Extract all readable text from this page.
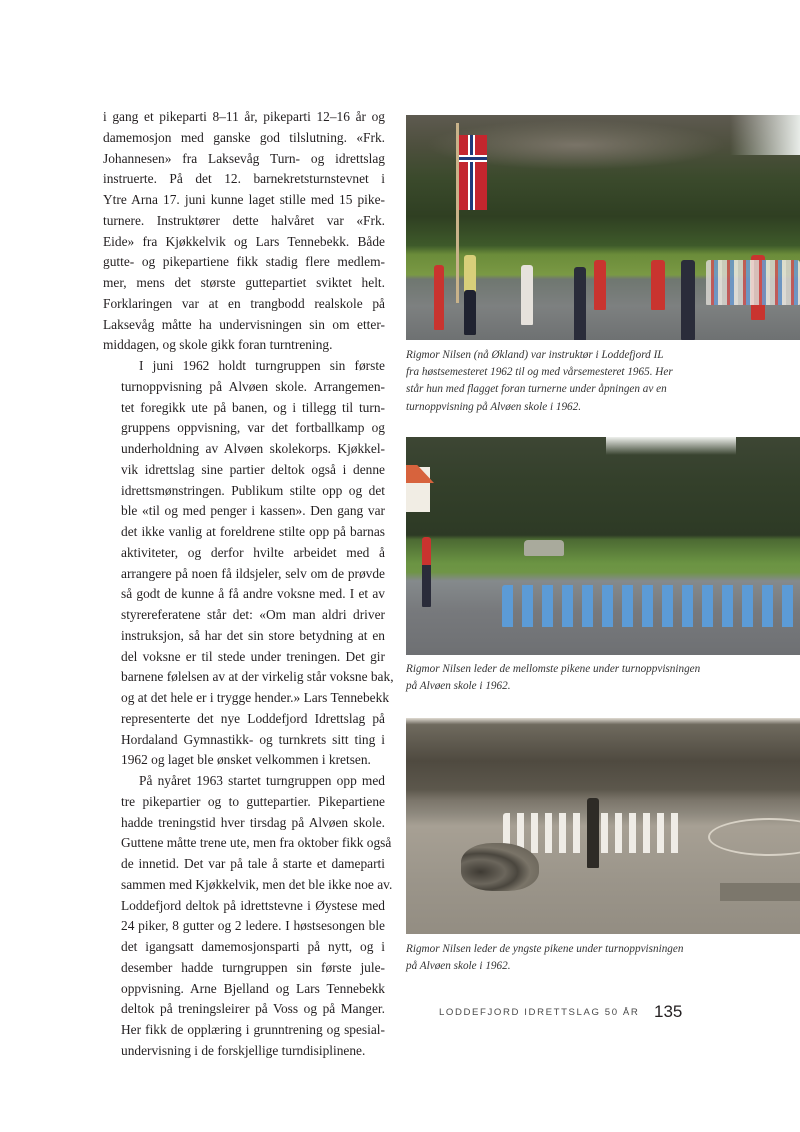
i gang et pikeparti 8–11 år, pikeparti 12–16 år og
damemosjon med ganske god tilslutning. «Frk.
Johannesen» fra Laksevåg Turn- og idrettslag
instruerte. På det 12. barnekretsturnstevnet i
Ytre Arna 17. juni kunne laget stille med 15 pike-
turnere. Instruktører dette halvåret var «Frk.
Eide» fra Kjøkkelvik og Lars Tennebekk. Både
gutte- og pikepartiene fikk stadig flere medlem-
mer, mens det største guttepartiet sviktet helt.
Forklaringen var at en trangbodd realskole på
Laksevåg måtte ha undervisningen sin om etter-
middagen, og skole gikk foran turntrening.

I juni 1962 holdt turngruppen sin første
turnoppvisning på Alvøen skole. Arrangemen-
tet foregikk ute på banen, og i tillegg til turn-
gruppens oppvisning, var det fortballkamp og
underholdning av Alvøen skolekorps. Kjøkkel-
vik idrettslag sine partier deltok også i denne
idrettsmønstringen. Publikum stilte opp og det
ble «til og med penger i kassen». Den gang var
det ikke vanlig at foreldrene stilte opp på barnas
aktiviteter, og derfor hvilte arbeidet med å
arrangere på noen få ildsjeler, selv om de prøvde
så godt de kunne å få andre voksne med. I et av
styrereferatene står det: «Om man aldri driver
instruksjon, så har det sin store betydning at en
del voksne er til stede under treningen. Det gir
barnene følelsen av at der virkelig står voksne bak,
og at det hele er i trygge hender.» Lars Tennebekk
representerte det nye Loddefjord Idrettslag på
Hordaland Gymnastikk- og turnkrets sitt ting i
1962 og laget ble ønsket velkommen i kretsen.

På nyåret 1963 startet turngruppen opp med
tre pikepartier og to guttepartier. Pikepartiene
hadde treningstid hver tirsdag på Alvøen skole.
Guttene måtte trene ute, men fra oktober fikk også
de innetid. Det var på tale å starte et dameparti
sammen med Kjøkkelvik, men det ble ikke noe av.
Loddefjord deltok på idrettstevne i Øystese med
24 piker, 8 gutter og 2 ledere. I høstsesongen ble
det igangsatt damemosjonsparti på nytt, og i
desember hadde turngruppen sin første jule-
oppvisning. Arne Bjelland og Lars Tennebekk
deltok på treningsleirer på Voss og på Manger.
Her fikk de opplæring i grunntrening og spesial-
undervisning i de forskjellige turndisiplinene.

Rigmor Nilsen (nå Økland) var instruktør i Loddefjord IL
fra høstsemesteret 1962 til og med vårsemesteret 1965. Her
står hun med flagget foran turnerne under åpningen av en
turnoppvisning på Alvøen skole i 1962.
Rigmor Nilsen leder de mellomste pikene under turnoppvisningen
på Alvøen skole i 1962.
Rigmor Nilsen leder de yngste pikene under turnoppvisningen
på Alvøen skole i 1962.
LODDEFJORD IDRETTSLAG 50 ÅR 135
